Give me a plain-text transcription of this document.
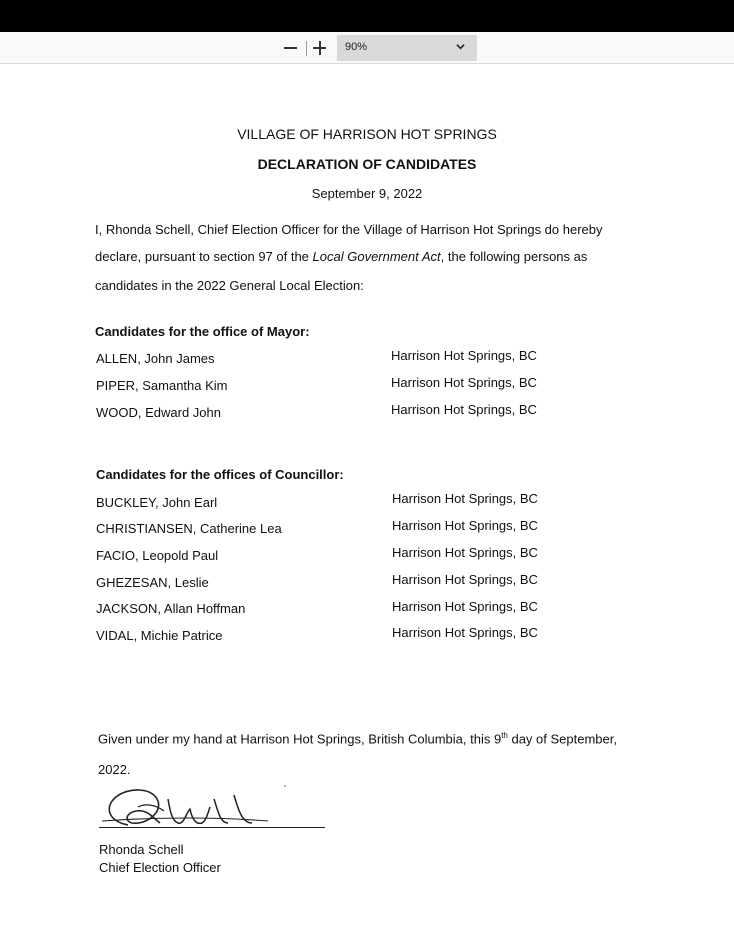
90%
VILLAGE OF HARRISON HOT SPRINGS
DECLARATION OF CANDIDATES
September 9, 2022
I, Rhonda Schell, Chief Election Officer for the Village of Harrison Hot Springs do hereby
declare, pursuant to section 97 of the Local Government Act, the following persons as
candidates in the 2022 General Local Election:
Candidates for the office of Mayor:
ALLEN, John James	Harrison Hot Springs, BC
PIPER, Samantha Kim	Harrison Hot Springs, BC
WOOD, Edward John	Harrison Hot Springs, BC
Candidates for the offices of Councillor:
BUCKLEY, John Earl	Harrison Hot Springs, BC
CHRISTIANSEN, Catherine Lea	Harrison Hot Springs, BC
FACIO, Leopold Paul	Harrison Hot Springs, BC
GHEZESAN, Leslie	Harrison Hot Springs, BC
JACKSON, Allan Hoffman	Harrison Hot Springs, BC
VIDAL, Michie Patrice	Harrison Hot Springs, BC
Given under my hand at Harrison Hot Springs, British Columbia, this 9th day of September,
2022.
Rhonda Schell
Chief Election Officer
